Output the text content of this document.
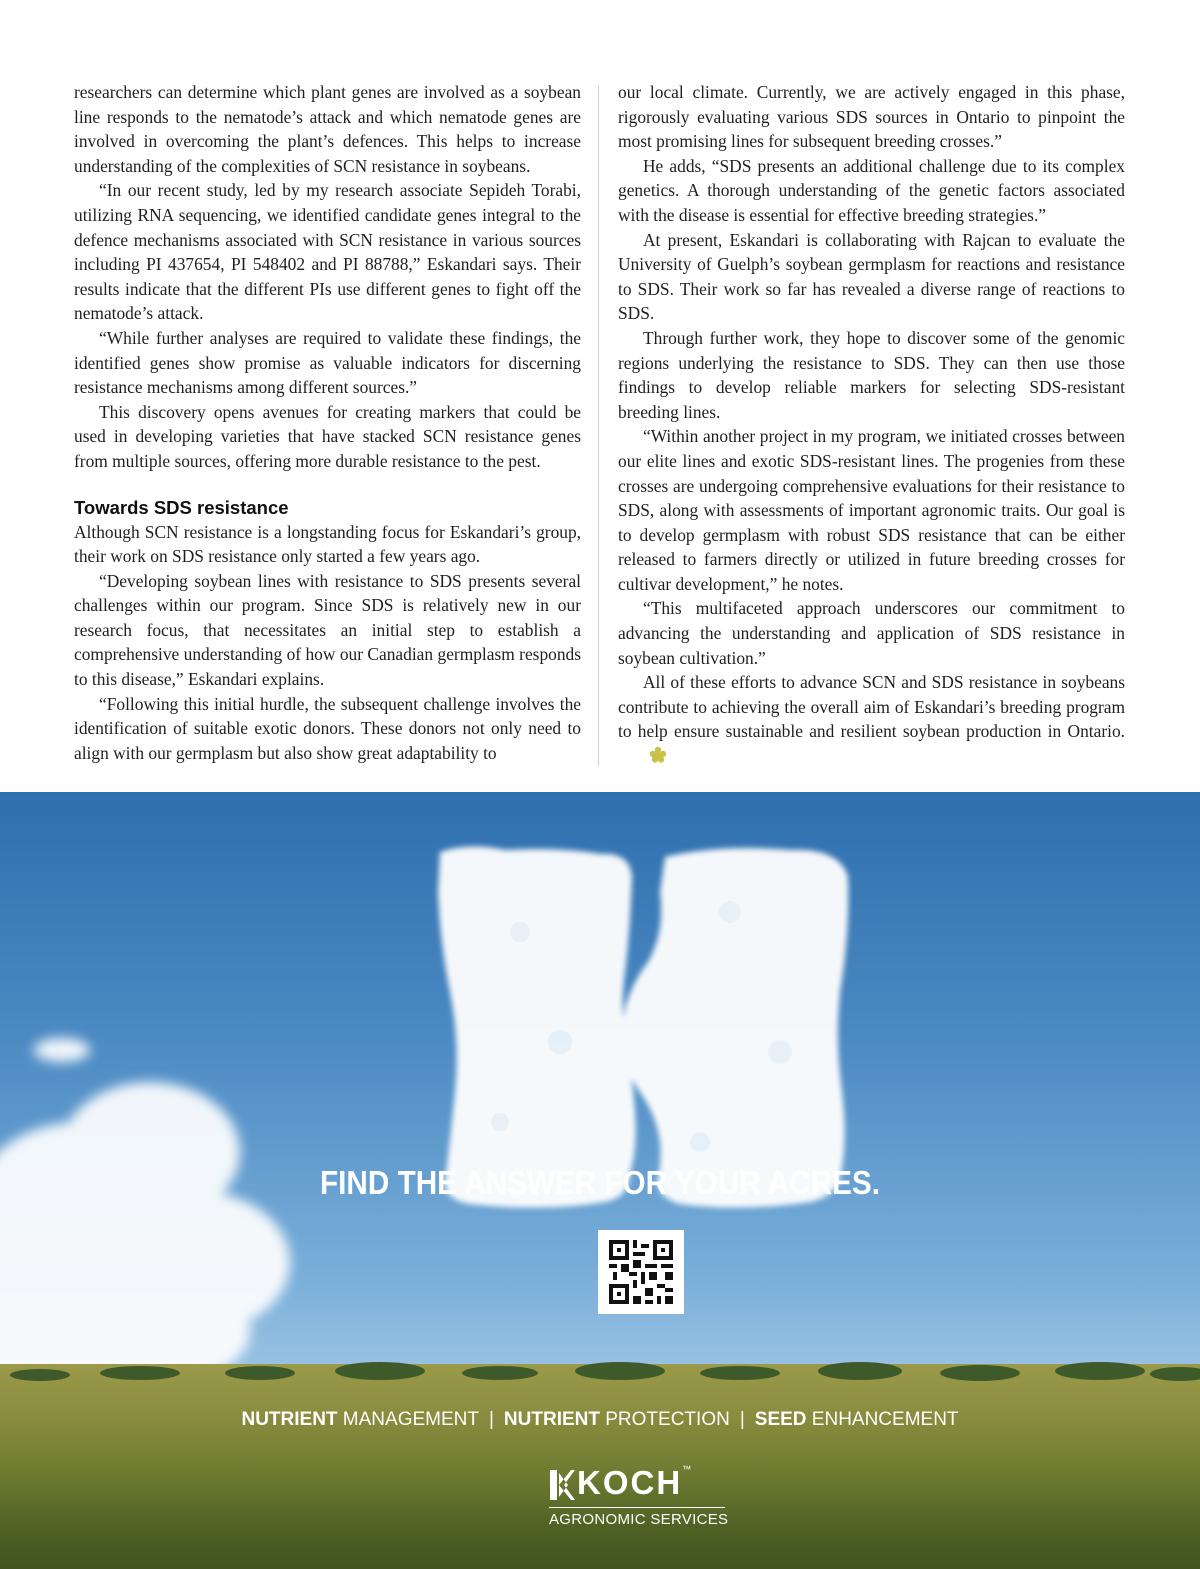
researchers can determine which plant genes are involved as a soybean line responds to the nematode’s attack and which nematode genes are involved in overcoming the plant’s defences. This helps to increase understanding of the complexities of SCN resistance in soybeans.

“In our recent study, led by my research associate Sepideh Torabi, utilizing RNA sequencing, we identified candidate genes integral to the defence mechanisms associated with SCN resistance in various sources including PI 437654, PI 548402 and PI 88788,” Eskandari says. Their results indicate that the different PIs use different genes to fight off the nematode’s attack.

“While further analyses are required to validate these findings, the identified genes show promise as valuable indicators for discerning resistance mechanisms among different sources.”

This discovery opens avenues for creating markers that could be used in developing varieties that have stacked SCN resistance genes from multiple sources, offering more durable resistance to the pest.

Towards SDS resistance

Although SCN resistance is a longstanding focus for Eskandari’s group, their work on SDS resistance only started a few years ago.

“Developing soybean lines with resistance to SDS presents several challenges within our program. Since SDS is relatively new in our research focus, that necessitates an initial step to establish a comprehensive understanding of how our Canadian germplasm responds to this disease,” Eskandari explains.

“Following this initial hurdle, the subsequent challenge involves the identification of suitable exotic donors. These donors not only need to align with our germplasm but also show great adaptability to

our local climate. Currently, we are actively engaged in this phase, rigorously evaluating various SDS sources in Ontario to pinpoint the most promising lines for subsequent breeding crosses.”

He adds, “SDS presents an additional challenge due to its complex genetics. A thorough understanding of the genetic factors associated with the disease is essential for effective breeding strategies.”

At present, Eskandari is collaborating with Rajcan to evaluate the University of Guelph’s soybean germplasm for reactions and resistance to SDS. Their work so far has revealed a diverse range of reactions to SDS.

Through further work, they hope to discover some of the genomic regions underlying the resistance to SDS. They can then use those findings to develop reliable markers for selecting SDS-resistant breeding lines.

“Within another project in my program, we initiated crosses between our elite lines and exotic SDS-resistant lines. The progenies from these crosses are undergoing comprehensive evaluations for their resistance to SDS, along with assessments of important agronomic traits. Our goal is to develop germplasm with robust SDS resistance that can be either released to farmers directly or utilized in future breeding crosses for cultivar development,” he notes.

“This multifaceted approach underscores our commitment to advancing the understanding and application of SDS resistance in soybean cultivation.”

All of these efforts to advance SCN and SDS resistance in soybeans contribute to achieving the overall aim of Eskandari’s breeding program to help ensure sustainable and resilient soybean production in Ontario.

FIND THE ANSWER FOR YOUR ACRES.
NUTRIENT MANAGEMENT | NUTRIENT PROTECTION | SEED ENHANCEMENT
KOCH™
AGRONOMIC SERVICES
